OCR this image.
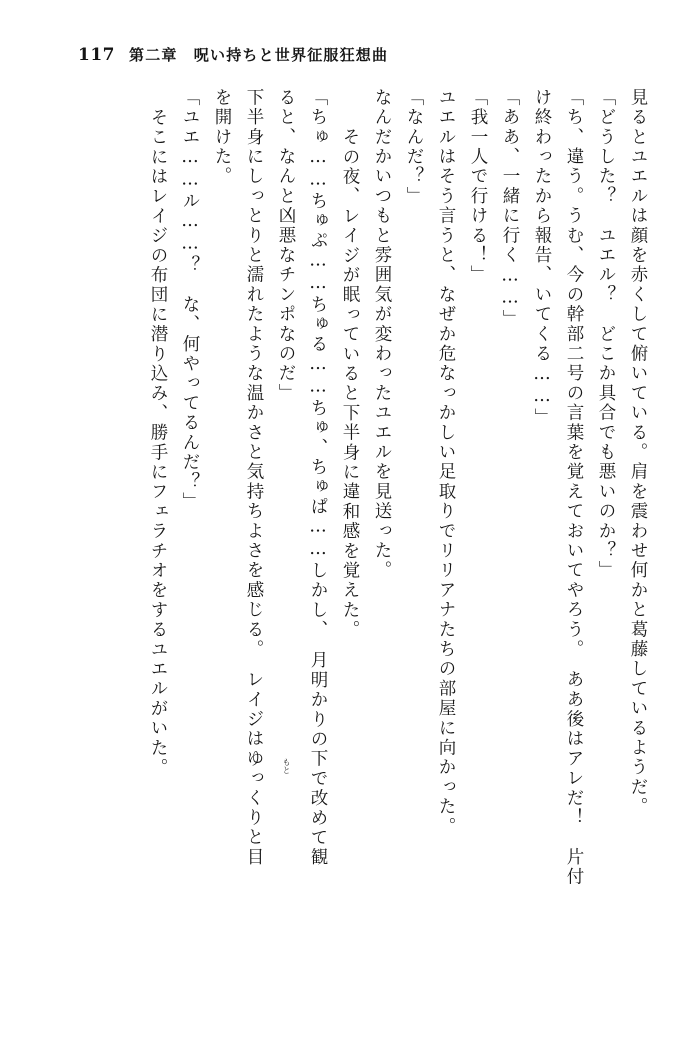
117 第二章　呪い持ちと世界征服狂想曲
見るとユエルは顔を赤くして俯いている。肩を震わせ何かと葛藤しているようだ。
「どうした？　ユエル？　どこか具合でも悪いのか？」
「ち、違う。うむ、今の幹部二号の言葉を覚えておいてやろう。　ああ後はアレだ！　片付
け終わったから報告、いてくる……」
「ああ、一緒に行く……」
「我一人で行ける！」
ユエルはそう言うと、なぜか危なっかしい足取りでリリアナたちの部屋に向かった。
「なんだ？」
なんだかいつもと雰囲気が変わったユエルを見送った。
　その夜、レイジが眠っていると下半身に違和感を覚えた。
「ちゅ……ちゅぷ……ちゅる……ちゅ、ちゅぱ……しかし、　月明かりの下で改めて観
ると、なんと凶悪なチンポなのだ」
下半身にしっとりと濡れたような温かさと気持ちよさを感じる。　レイジはゆっくりと目
を開けた。
「ユエ……ル……？　な、何やってるんだ？」
そこにはレイジの布団に潜り込み、勝手にフェラチオをするユエルがいた。	もと
